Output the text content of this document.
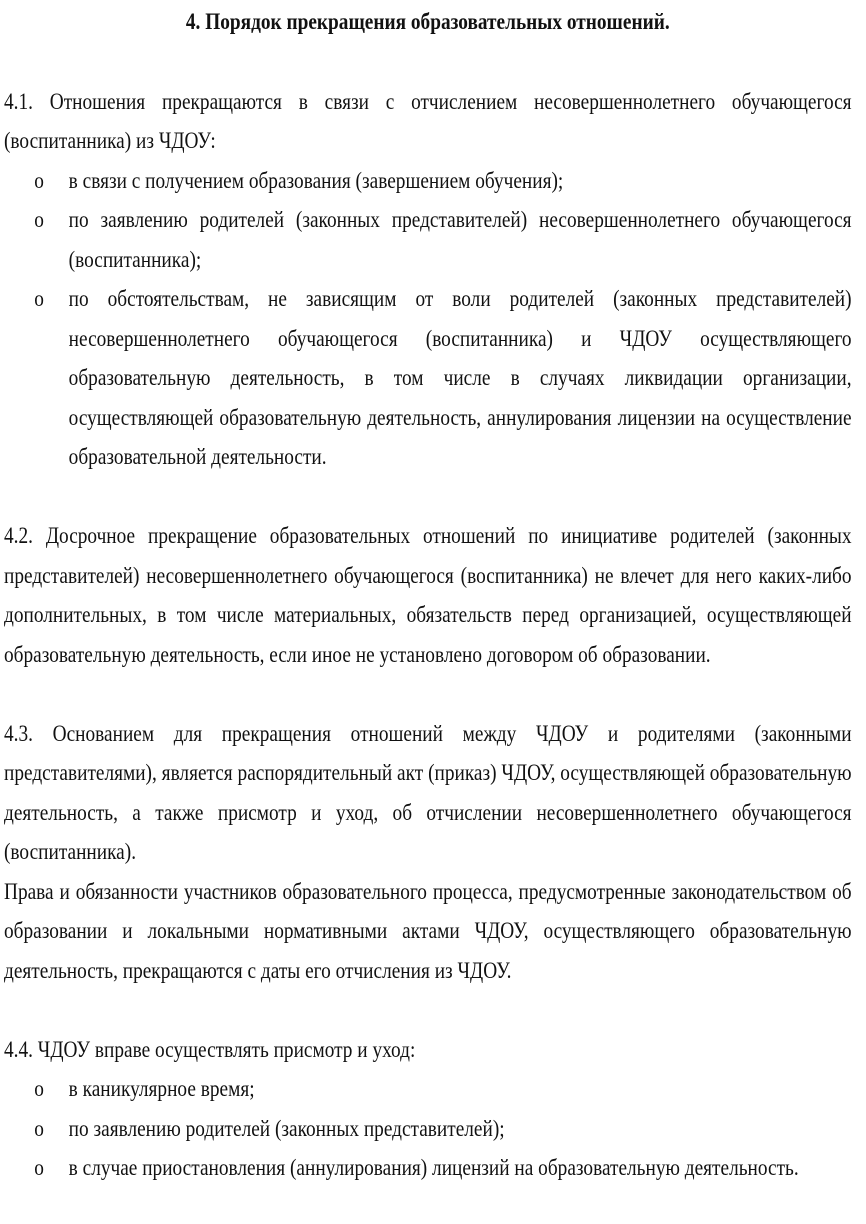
4. Порядок прекращения образовательных отношений.

4.1. Отношения прекращаются в связи с отчислением несовершеннолетнего обучающегося (воспитанника) из ЧДОУ:

o в связи с получением образования (завершением обучения);
o по заявлению родителей (законных представителей) несовершеннолетнего обучающегося (воспитанника);
o по обстоятельствам, не зависящим от воли родителей (законных представителей) несовершеннолетнего обучающегося (воспитанника) и ЧДОУ осуществляющего образовательную деятельность, в том числе в случаях ликвидации организации, осуществляющей образовательную деятельность, аннулирования лицензии на осуществление образовательной деятельности.

4.2. Досрочное прекращение образовательных отношений по инициативе родителей (законных представителей) несовершеннолетнего обучающегося (воспитанника) не влечет для него каких-либо дополнительных, в том числе материальных, обязательств перед организацией, осуществляющей образовательную деятельность, если иное не установлено договором об образовании.

4.3. Основанием для прекращения отношений между ЧДОУ и родителями (законными представителями), является распорядительный акт (приказ) ЧДОУ, осуществляющей образовательную деятельность, а также присмотр и уход, об отчислении несовершеннолетнего обучающегося (воспитанника).

Права и обязанности участников образовательного процесса, предусмотренные законодательством об образовании и локальными нормативными актами ЧДОУ, осуществляющего образовательную деятельность, прекращаются с даты его отчисления из ЧДОУ.

4.4. ЧДОУ вправе осуществлять присмотр и уход:

o в каникулярное время;
o по заявлению родителей (законных представителей);
o в случае приостановления (аннулирования) лицензий на образовательную деятельность.
